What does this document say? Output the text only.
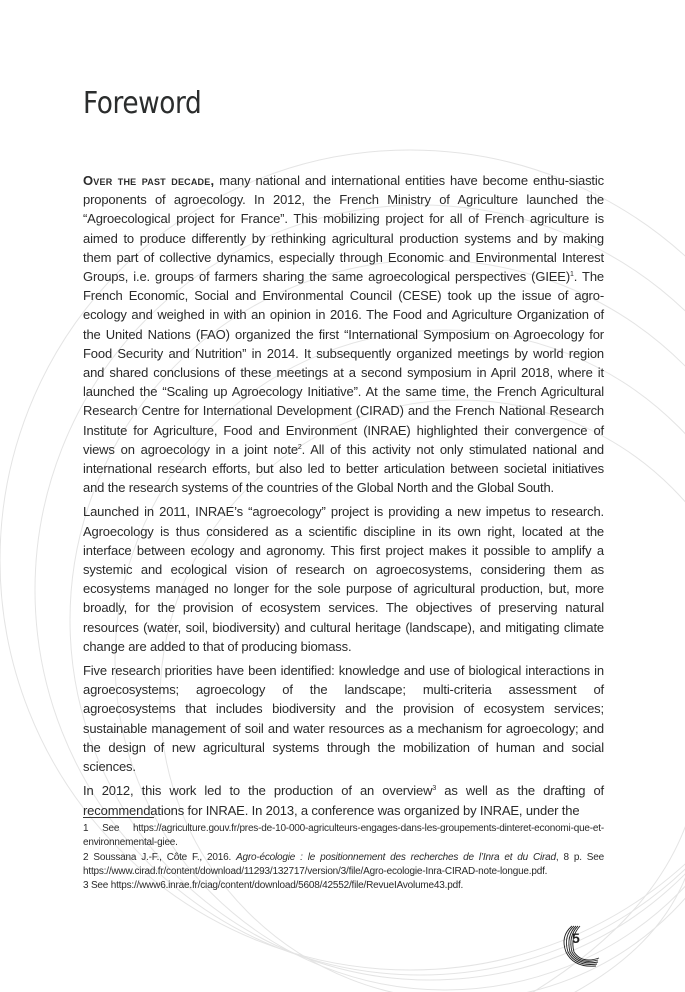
Foreword

Over the past decade, many national and international entities have become enthu-siastic proponents of agroecology. In 2012, the French Ministry of Agriculture launched the “Agroecological project for France”. This mobilizing project for all of French agriculture is aimed to produce differently by rethinking agricultural production systems and by making them part of collective dynamics, especially through Economic and Environmental Interest Groups, i.e. groups of farmers sharing the same agroecological perspectives (GIEE)$^1$. The French Economic, Social and Environmental Council (CESE) took up the issue of agro-ecology and weighed in with an opinion in 2016. The Food and Agriculture Organization of the United Nations (FAO) organized the first “International Symposium on Agroecology for Food Security and Nutrition” in 2014. It subsequently organized meetings by world region and shared conclusions of these meetings at a second symposium in April 2018, where it launched the “Scaling up Agroecology Initiative”. At the same time, the French Agricultural Research Centre for International Development (CIRAD) and the French National Research Institute for Agriculture, Food and Environment (INRAE) highlighted their convergence of views on agroecology in a joint note$^2$. All of this activity not only stimulated national and international research efforts, but also led to better articulation between societal initiatives and the research systems of the countries of the Global North and the Global South.

Launched in 2011, INRAE’s “agroecology” project is providing a new impetus to research. Agroecology is thus considered as a scientific discipline in its own right, located at the interface between ecology and agronomy. This first project makes it possible to amplify a systemic and ecological vision of research on agroecosystems, considering them as ecosystems managed no longer for the sole purpose of agricultural production, but, more broadly, for the provision of ecosystem services. The objectives of preserving natural resources (water, soil, biodiversity) and cultural heritage (landscape), and mitigating climate change are added to that of producing biomass.

Five research priorities have been identified: knowledge and use of biological interactions in agroecosystems; agroecology of the landscape; multi-criteria assessment of agroecosystems that includes biodiversity and the provision of ecosystem services; sustainable management of soil and water resources as a mechanism for agroecology; and the design of new agricultural systems through the mobilization of human and social sciences.

In 2012, this work led to the production of an overview$^3$ as well as the drafting of recommendations for INRAE. In 2013, a conference was organized by INRAE, under the

1 See https://agriculture.gouv.fr/pres-de-10-000-agriculteurs-engages-dans-les-groupements-dinteret-economi-que-et-environnemental-giee.

2 Soussana J.-F., Côte F., 2016. Agro-écologie : le positionnement des recherches de l’Inra et du Cirad, 8 p. See https://www.cirad.fr/content/download/11293/132717/version/3/file/Agro-ecologie-Inra-CIRAD-note-longue.pdf.

3 See https://www6.inrae.fr/ciag/content/download/5608/42552/file/RevueIAvolume43.pdf.

5
